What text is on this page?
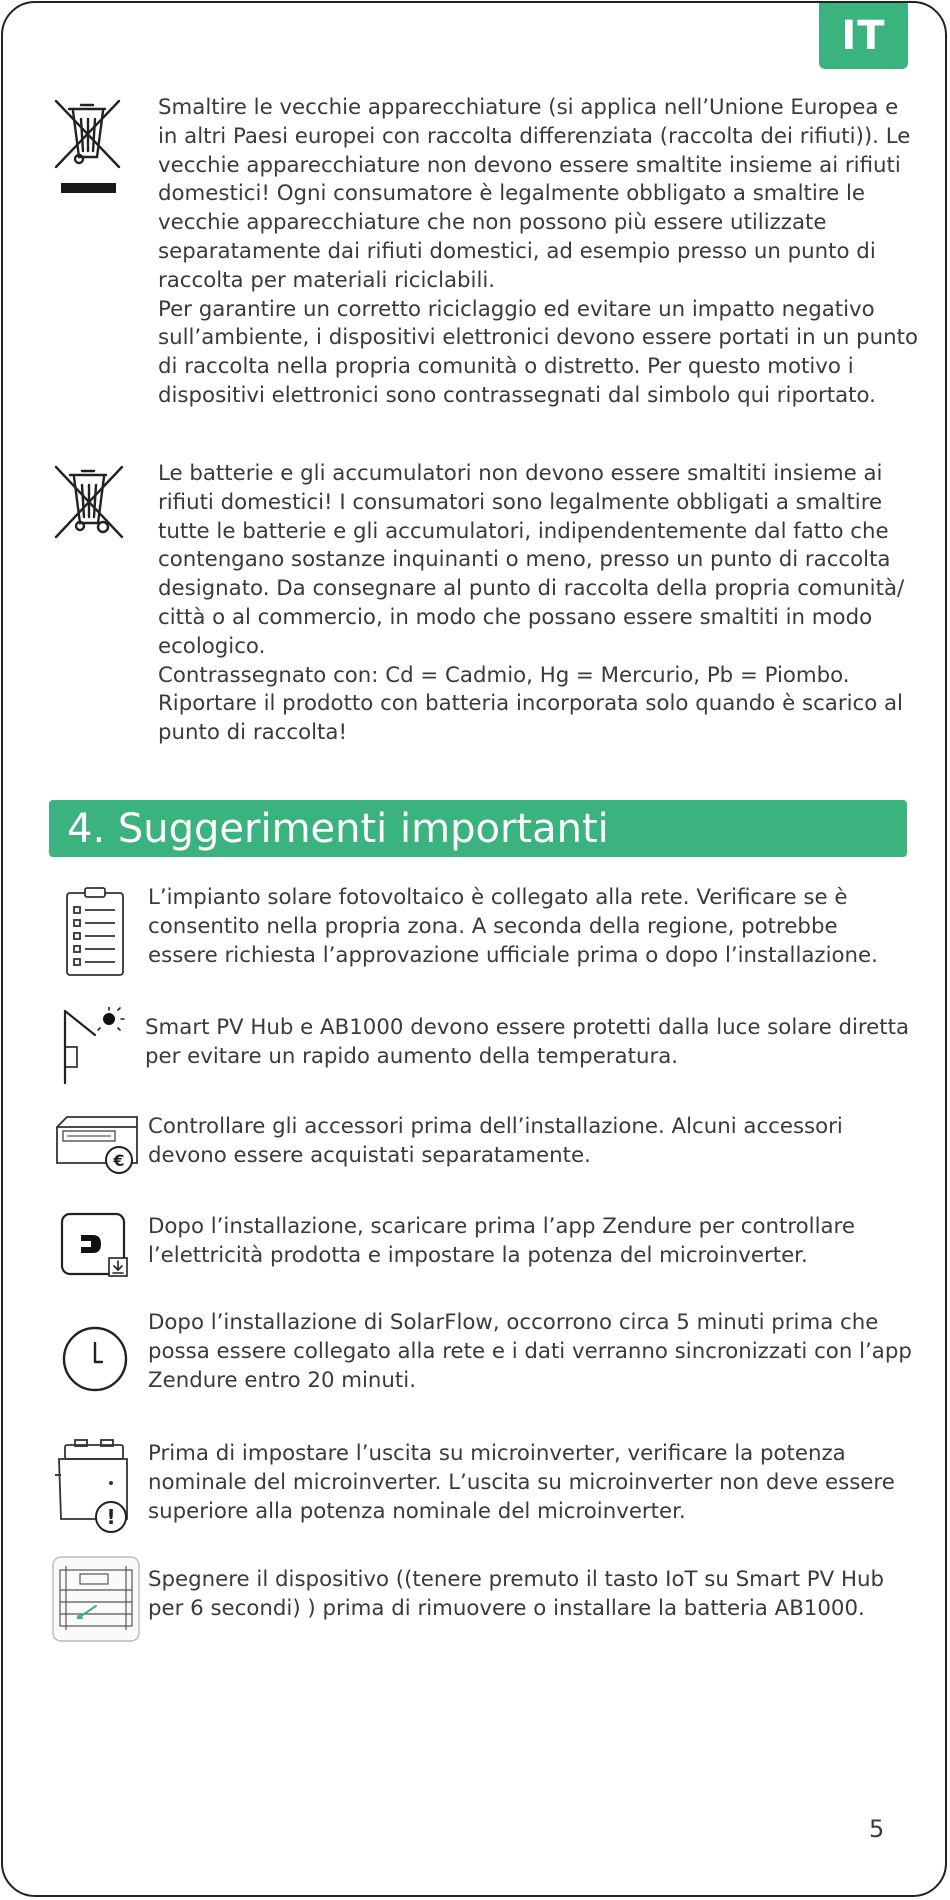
IT

Smaltire le vecchie apparecchiature (si applica nell’Unione Europea e in altri Paesi europei con raccolta differenziata (raccolta dei rifiuti)). Le vecchie apparecchiature non devono essere smaltite insieme ai rifiuti domestici! Ogni consumatore è legalmente obbligato a smaltire le vecchie apparecchiature che non possono più essere utilizzate separatamente dai rifiuti domestici, ad esempio presso un punto di raccolta per materiali riciclabili.

Per garantire un corretto riciclaggio ed evitare un impatto negativo sull’ambiente, i dispositivi elettronici devono essere portati in un punto di raccolta nella propria comunità o distretto. Per questo motivo i dispositivi elettronici sono contrassegnati dal simbolo qui riportato.

Le batterie e gli accumulatori non devono essere smaltiti insieme ai rifiuti domestici! I consumatori sono legalmente obbligati a smaltire tutte le batterie e gli accumulatori, indipendentemente dal fatto che contengano sostanze inquinanti o meno, presso un punto di raccolta designato. Da consegnare al punto di raccolta della propria comunità/ città o al commercio, in modo che possano essere smaltiti in modo ecologico.

Contrassegnato con: Cd = Cadmio, Hg = Mercurio, Pb = Piombo.

Riportare il prodotto con batteria incorporata solo quando è scarico al punto di raccolta!

4. Suggerimenti importanti
L’impianto solare fotovoltaico è collegato alla rete. Verificare se è consentito nella propria zona. A seconda della regione, potrebbe essere richiesta l’approvazione ufficiale prima o dopo l’installazione.
Smart PV Hub e AB1000 devono essere protetti dalla luce solare diretta per evitare un rapido aumento della temperatura.
€
Controllare gli accessori prima dell’installazione. Alcuni accessori devono essere acquistati separatamente.
Dopo l’installazione, scaricare prima l’app Zendure per controllare l’elettricità prodotta e impostare la potenza del microinverter.
Dopo l’installazione di SolarFlow, occorrono circa 5 minuti prima che possa essere collegato alla rete e i dati verranno sincronizzati con l’app Zendure entro 20 minuti.
!
Prima di impostare l’uscita su microinverter, verificare la potenza nominale del microinverter. L’uscita su microinverter non deve essere superiore alla potenza nominale del microinverter.
Spegnere il dispositivo ((tenere premuto il tasto IoT su Smart PV Hub per 6 secondi) ) prima di rimuovere o installare la batteria AB1000.
5
